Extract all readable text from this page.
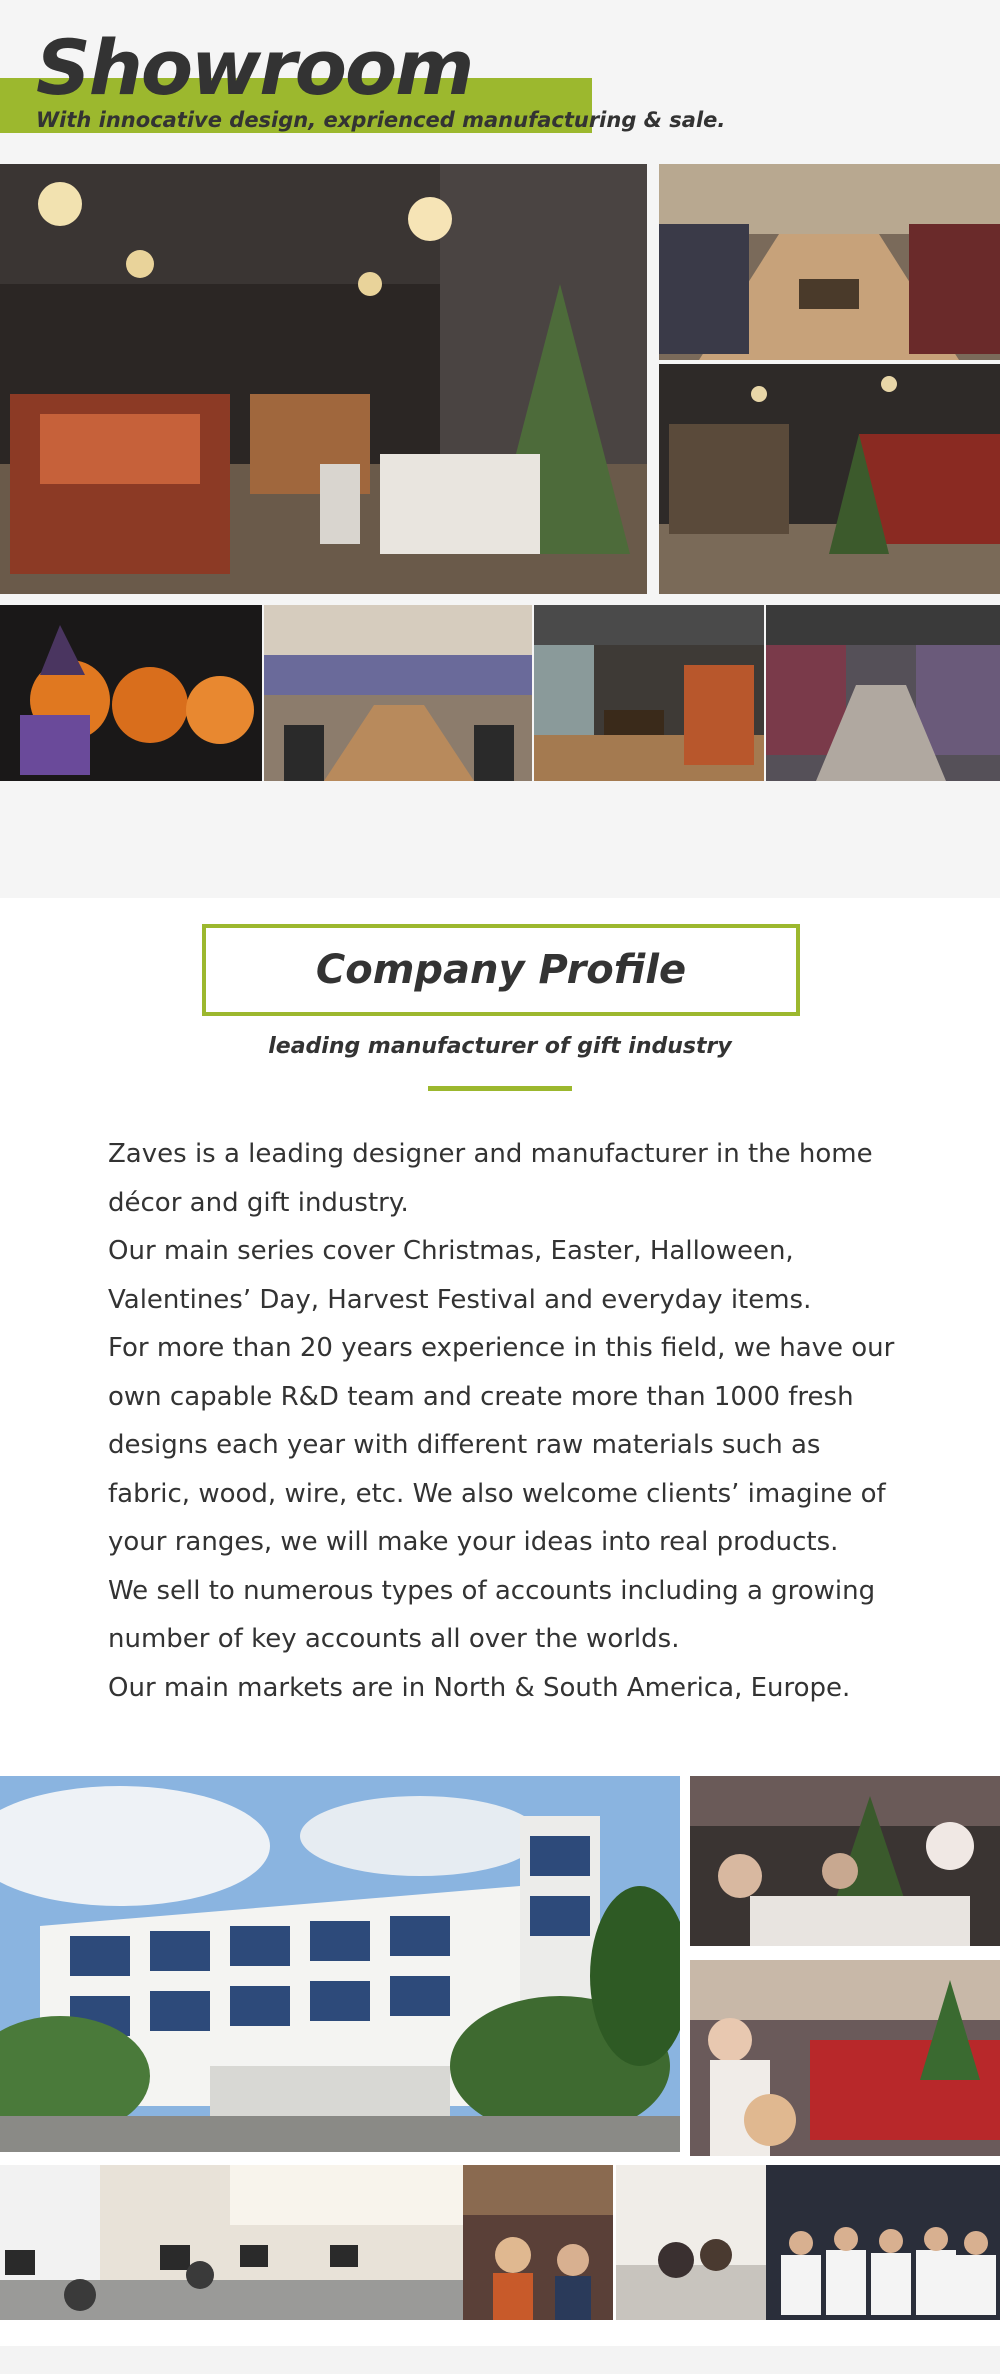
Showroom
With innocative design, exprienced manufacturing & sale.
Company Profile
leading manufacturer of gift industry

Zaves is a leading designer and manufacturer in the home décor and gift industry.

Our main series cover Christmas, Easter, Halloween, Valentines’ Day, Harvest Festival and everyday items.

For more than 20 years experience in this field, we have our own capable R&D team and create more than 1000 fresh designs each year with different raw materials such as fabric, wood, wire, etc. We also welcome clients’ imagine of your ranges, we will make your ideas into real products.

We sell to numerous types of accounts including a growing number of key accounts all over the worlds.

Our main markets are in North & South America, Europe.
